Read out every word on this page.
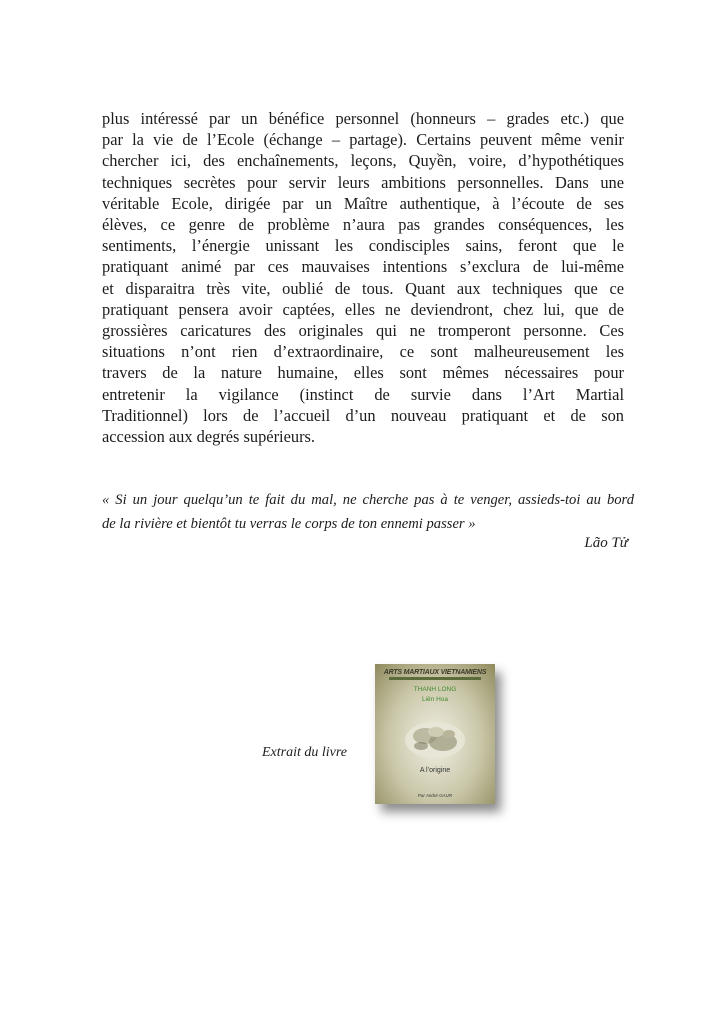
plus intéressé par un bénéfice personnel (honneurs – grades etc.) que
par la vie de l’Ecole (échange – partage). Certains peuvent même venir
chercher ici, des enchaînements, leçons, Quyền, voire, d’hypothétiques
techniques secrètes pour servir leurs ambitions personnelles. Dans une
véritable Ecole, dirigée par un Maître authentique, à l’écoute de ses
élèves, ce genre de problème n’aura pas grandes conséquences, les
sentiments, l’énergie unissant les condisciples sains, feront que le
pratiquant animé par ces mauvaises intentions s’exclura de lui-même
et disparaitra très vite, oublié de tous. Quant aux techniques que ce
pratiquant pensera avoir captées, elles ne deviendront, chez lui, que de
grossières caricatures des originales qui ne tromperont personne. Ces
situations n’ont rien d’extraordinaire, ce sont malheureusement les
travers de la nature humaine, elles sont mêmes nécessaires pour
entretenir la vigilance (instinct de survie dans l’Art Martial
Traditionnel) lors de l’accueil d’un nouveau pratiquant et de son
accession aux degrés supérieurs.
« Si un jour quelqu’un te fait du mal, ne cherche pas à te venger, assieds-toi au bord
de la rivière et bientôt tu verras le corps de ton ennemi passer »
Lão Tử
Extrait du livre
ARTS MARTIAUX VIETNAMIENS
THANH LONG
Liên Hoa
A l’origine
Par André GAUR
